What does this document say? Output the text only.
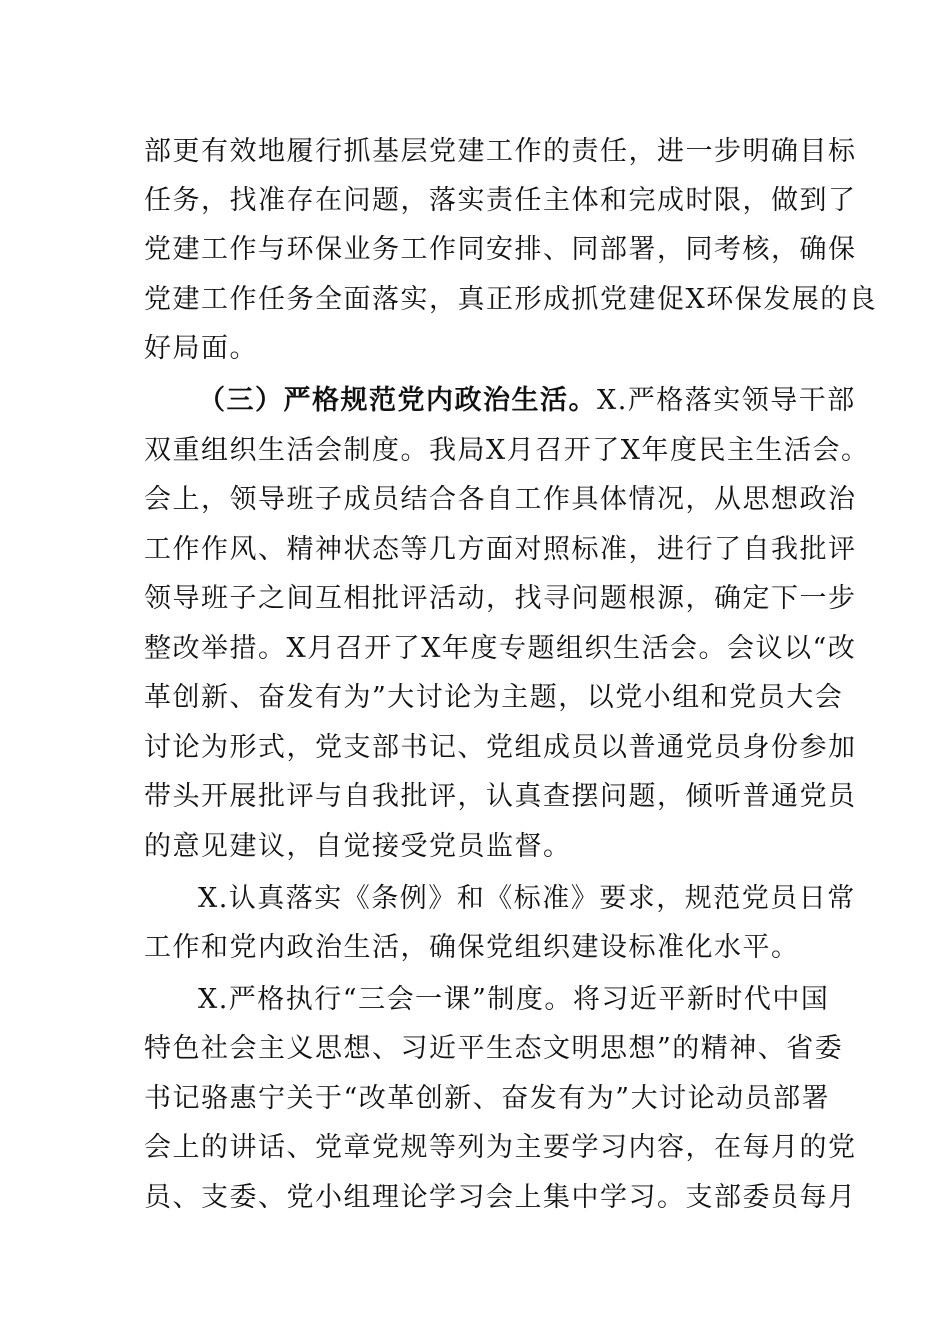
部更有效地履行抓基层党建工作的责任，进一步明确目标
任务，找准存在问题，落实责任主体和完成时限，做到了
党建工作与环保业务工作同安排、同部署，同考核，确保
党建工作任务全面落实，真正形成抓党建促X环保发展的良
好局面。
（三）严格规范党内政治生活。X.严格落实领导干部
双重组织生活会制度。我局X月召开了X年度民主生活会。
会上，领导班子成员结合各自工作具体情况，从思想政治
工作作风、精神状态等几方面对照标准，进行了自我批评
领导班子之间互相批评活动，找寻问题根源，确定下一步
整改举措。X月召开了X年度专题组织生活会。会议以“改
革创新、奋发有为”大讨论为主题，以党小组和党员大会
讨论为形式，党支部书记、党组成员以普通党员身份参加
带头开展批评与自我批评，认真查摆问题，倾听普通党员
的意见建议，自觉接受党员监督。
X.认真落实《条例》和《标准》要求，规范党员日常
工作和党内政治生活，确保党组织建设标准化水平。
X.严格执行“三会一课”制度。将习近平新时代中国
特色社会主义思想、习近平生态文明思想”的精神、省委
书记骆惠宁关于“改革创新、奋发有为”大讨论动员部署
会上的讲话、党章党规等列为主要学习内容，在每月的党
员、支委、党小组理论学习会上集中学习。支部委员每月
